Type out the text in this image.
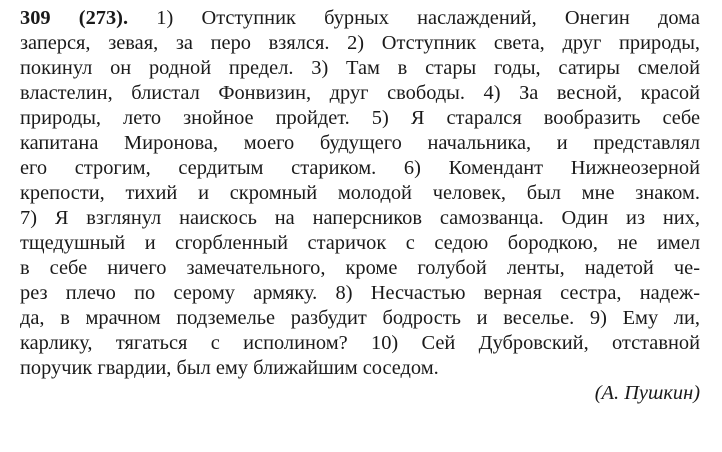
309 (273). 1) Отступник бурных наслаждений, Онегин дома
заперся, зевая, за перо взялся. 2) Отступник света, друг природы,
покинул он родной предел. 3) Там в стары годы, сатиры смелой
властелин, блистал Фонвизин, друг свободы. 4) За весной, красой
природы, лето знойное пройдет. 5) Я старался вообразить себе
капитана Миронова, моего будущего начальника, и представлял
его строгим, сердитым стариком. 6) Комендант Нижнеозерной
крепости, тихий и скромный молодой человек, был мне знаком.
7) Я взглянул наискось на наперсников самозванца. Один из них,
тщедушный и сгорбленный старичок с седою бородкою, не имел
в себе ничего замечательного, кроме голубой ленты, надетой че-
рез плечо по серому армяку. 8) Несчастью верная сестра, надеж-
да, в мрачном подземелье разбудит бодрость и веселье. 9) Ему ли,
карлику, тягаться с исполином? 10) Сей Дубровский, отставной
поручик гвардии, был ему ближайшим соседом.
(А. Пушкин)
